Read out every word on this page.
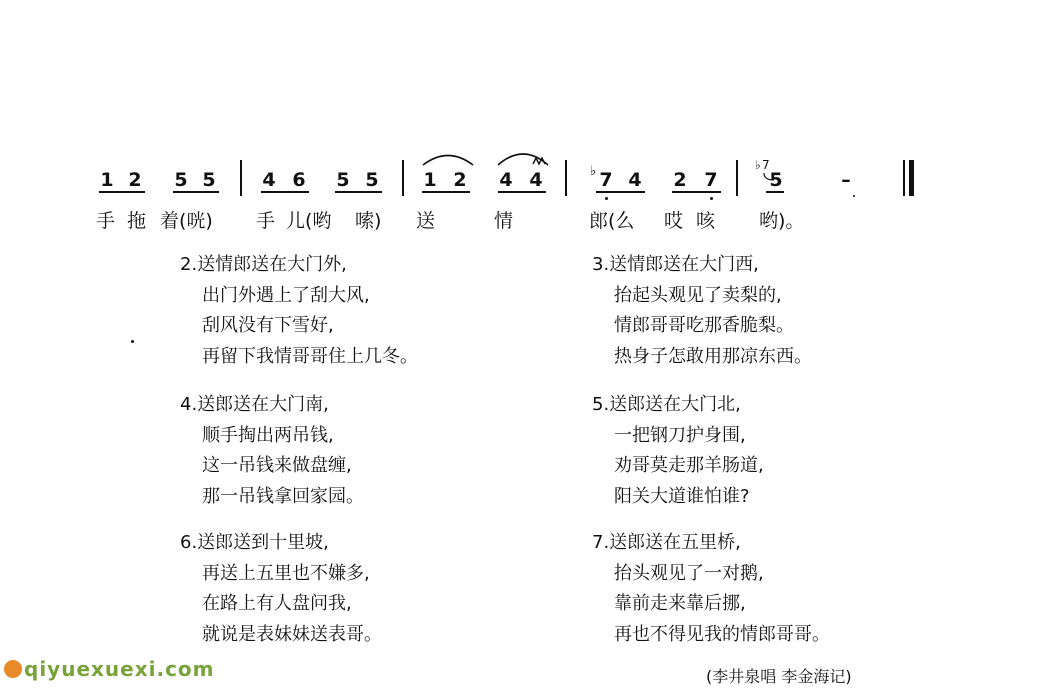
1 2 5 5 4 6 5 5 1 2 4 4	♭ 7 4 2 7
♭ 7
5	–
手 拖 着(咣) 手 儿(哟 嗦) 送	情	郎(么 哎 咳 哟)。
2.送情郎送在大门外,
出门外遇上了刮大风,
刮风没有下雪好,
再留下我情哥哥住上几冬。
3.送情郎送在大门西,
抬起头观见了卖梨的,
情郎哥哥吃那香脆梨。
热身子怎敢用那凉东西。
4.送郎送在大门南,
顺手掏出两吊钱,
这一吊钱来做盘缠,
那一吊钱拿回家园。
5.送郎送在大门北,
一把钢刀护身围,
劝哥莫走那羊肠道,
阳关大道谁怕谁?
6.送郎送到十里坡,
再送上五里也不嫌多,
在路上有人盘问我,
就说是表妹妹送表哥。
7.送郎送在五里桥,
抬头观见了一对鹅,
靠前走来靠后挪,
再也不得见我的情郎哥哥。
(李井泉唱 李金海记)
qiyuexuexi.com
